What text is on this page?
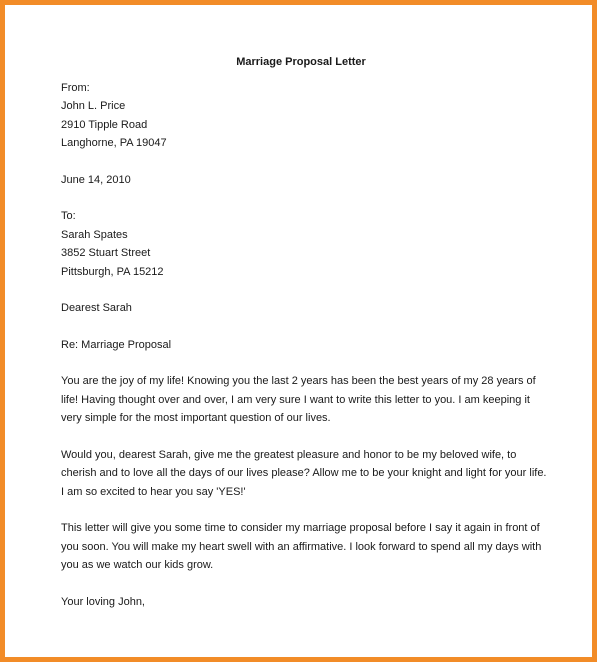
Marriage Proposal Letter
From:
John L. Price
2910 Tipple Road
Langhorne, PA 19047
June 14, 2010
To:
Sarah Spates
3852 Stuart Street
Pittsburgh, PA 15212
Dearest Sarah
Re: Marriage Proposal
You are the joy of my life! Knowing you the last 2 years has been the best years of my 28 years of
life! Having thought over and over, I am very sure I want to write this letter to you. I am keeping it
very simple for the most important question of our lives.
Would you, dearest Sarah, give me the greatest pleasure and honor to be my beloved wife, to
cherish and to love all the days of our lives please? Allow me to be your knight and light for your life.
I am so excited to hear you say 'YES!'
This letter will give you some time to consider my marriage proposal before I say it again in front of
you soon. You will make my heart swell with an affirmative. I look forward to spend all my days with
you as we watch our kids grow.
Your loving John,
